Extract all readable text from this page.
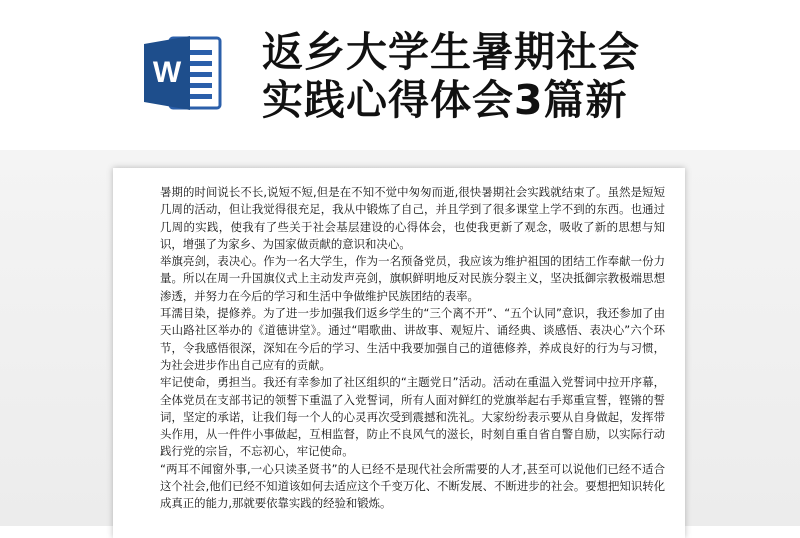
W 返乡大学生暑期社会
实践心得体会3篇新

暑期的时间说长不长,说短不短,但是在不知不觉中匆匆而逝,很快暑期社会实践就结束了。虽然是短短几周的活动，但让我觉得很充足，我从中锻炼了自己，并且学到了很多课堂上学不到的东西。也通过几周的实践，使我有了些关于社会基层建设的心得体会，也使我更新了观念，吸收了新的思想与知识，增强了为家乡、为国家做贡献的意识和决心。

举旗亮剑，表决心。作为一名大学生，作为一名预备党员，我应该为维护祖国的团结工作奉献一份力量。所以在周一升国旗仪式上主动发声亮剑，旗帜鲜明地反对民族分裂主义，坚决抵御宗教极端思想渗透，并努力在今后的学习和生活中争做维护民族团结的表率。

耳濡目染，提修养。为了进一步加强我们返乡学生的“三个离不开”、“五个认同”意识，我还参加了由天山路社区举办的《道德讲堂》。通过“唱歌曲、讲故事、观短片、诵经典、谈感悟、表决心”六个环节，令我感悟很深，深知在今后的学习、生活中我要加强自己的道德修养，养成良好的行为与习惯，为社会进步作出自己应有的贡献。

牢记使命，勇担当。我还有幸参加了社区组织的“主题党日”活动。活动在重温入党誓词中拉开序幕，全体党员在支部书记的领誓下重温了入党誓词，所有人面对鲜红的党旗举起右手郑重宣誓，铿锵的誓词，坚定的承诺，让我们每一个人的心灵再次受到震撼和洗礼。大家纷纷表示要从自身做起，发挥带头作用，从一件件小事做起，互相监督，防止不良风气的滋长，时刻自重自省自警自励，以实际行动践行党的宗旨，不忘初心，牢记使命。

“两耳不闻窗外事,一心只读圣贤书”的人已经不是现代社会所需要的人才,甚至可以说他们已经不适合这个社会,他们已经不知道该如何去适应这个千变万化、不断发展、不断进步的社会。要想把知识转化成真正的能力,那就要依靠实践的经验和锻炼。
